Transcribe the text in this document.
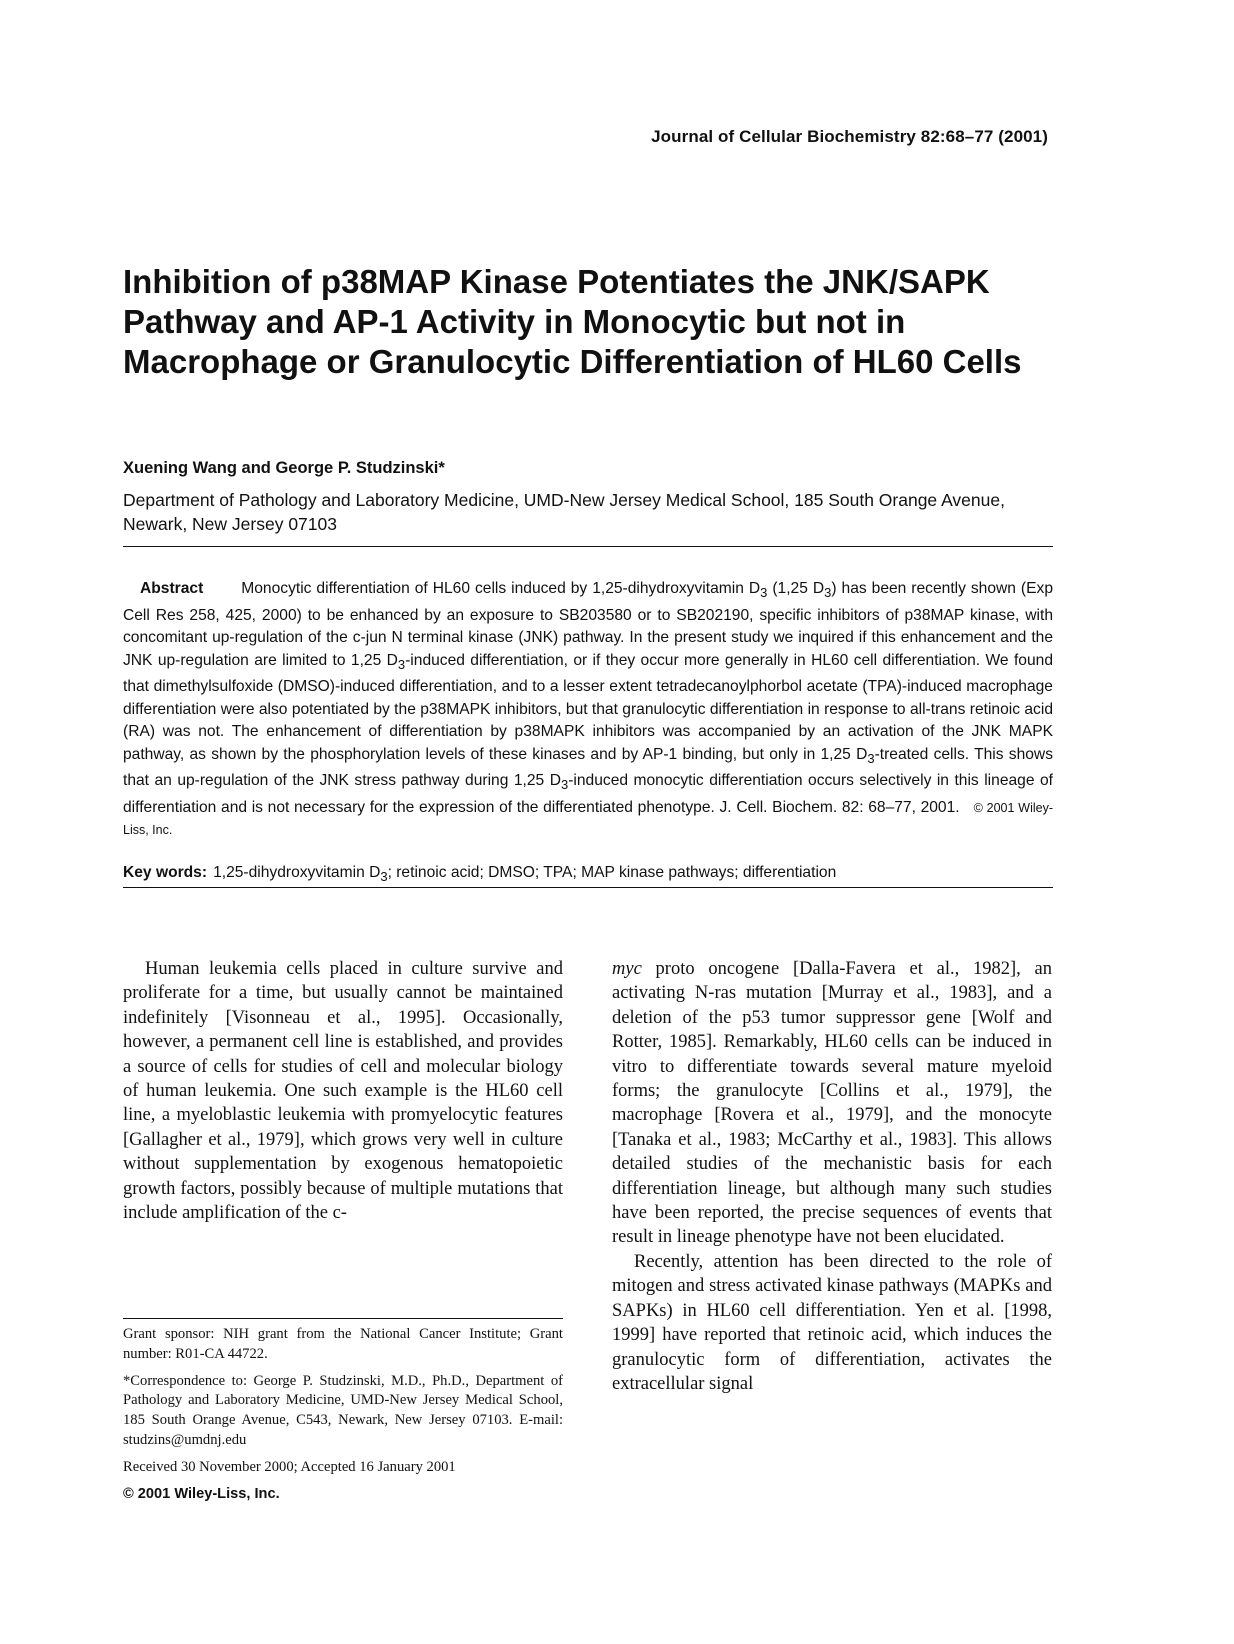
Journal of Cellular Biochemistry 82:68–77 (2001)
Inhibition of p38MAP Kinase Potentiates the JNK/SAPK Pathway and AP-1 Activity in Monocytic but not in Macrophage or Granulocytic Differentiation of HL60 Cells

Xuening Wang and George P. Studzinski*

Department of Pathology and Laboratory Medicine, UMD-New Jersey Medical School, 185 South Orange Avenue, Newark, New Jersey 07103

Abstract Monocytic differentiation of HL60 cells induced by 1,25-dihydroxyvitamin $D_3$ (1,25 $D_3$) has been recently shown (Exp Cell Res 258, 425, 2000) to be enhanced by an exposure to SB203580 or to SB202190, specific inhibitors of p38MAP kinase, with concomitant up-regulation of the c-jun N terminal kinase (JNK) pathway. In the present study we inquired if this enhancement and the JNK up-regulation are limited to 1,25 $D_3$-induced differentiation, or if they occur more generally in HL60 cell differentiation. We found that dimethylsulfoxide (DMSO)-induced differentiation, and to a lesser extent tetradecanoylphorbol acetate (TPA)-induced macrophage differentiation were also potentiated by the p38MAPK inhibitors, but that granulocytic differentiation in response to all-trans retinoic acid (RA) was not. The enhancement of differentiation by p38MAPK inhibitors was accompanied by an activation of the JNK MAPK pathway, as shown by the phosphorylation levels of these kinases and by AP-1 binding, but only in 1,25 $D_3$-treated cells. This shows that an up-regulation of the JNK stress pathway during 1,25 $D_3$-induced monocytic differentiation occurs selectively in this lineage of differentiation and is not necessary for the expression of the differentiated phenotype. J. Cell. Biochem. 82: 68–77, 2001. © 2001 Wiley-Liss, Inc.

Key words: 1,25-dihydroxyvitamin $D_3$; retinoic acid; DMSO; TPA; MAP kinase pathways; differentiation

Human leukemia cells placed in culture survive and proliferate for a time, but usually cannot be maintained indefinitely [Visonneau et al., 1995]. Occasionally, however, a permanent cell line is established, and provides a source of cells for studies of cell and molecular biology of human leukemia. One such example is the HL60 cell line, a myeloblastic leukemia with promyelocytic features [Gallagher et al., 1979], which grows very well in culture without supplementation by exogenous hematopoietic growth factors, possibly because of multiple mutations that include amplification of the c-

myc proto oncogene [Dalla-Favera et al., 1982], an activating N-ras mutation [Murray et al., 1983], and a deletion of the p53 tumor suppressor gene [Wolf and Rotter, 1985]. Remarkably, HL60 cells can be induced in vitro to differentiate towards several mature myeloid forms; the granulocyte [Collins et al., 1979], the macrophage [Rovera et al., 1979], and the monocyte [Tanaka et al., 1983; McCarthy et al., 1983]. This allows detailed studies of the mechanistic basis for each differentiation lineage, but although many such studies have been reported, the precise sequences of events that result in lineage phenotype have not been elucidated.

Recently, attention has been directed to the role of mitogen and stress activated kinase pathways (MAPKs and SAPKs) in HL60 cell differentiation. Yen et al. [1998, 1999] have reported that retinoic acid, which induces the granulocytic form of differentiation, activates the extracellular signal

Grant sponsor: NIH grant from the National Cancer Institute; Grant number: R01-CA 44722.

*Correspondence to: George P. Studzinski, M.D., Ph.D., Department of Pathology and Laboratory Medicine, UMD-New Jersey Medical School, 185 South Orange Avenue, C543, Newark, New Jersey 07103. E-mail: studzins@umdnj.edu

Received 30 November 2000; Accepted 16 January 2001

© 2001 Wiley-Liss, Inc.
